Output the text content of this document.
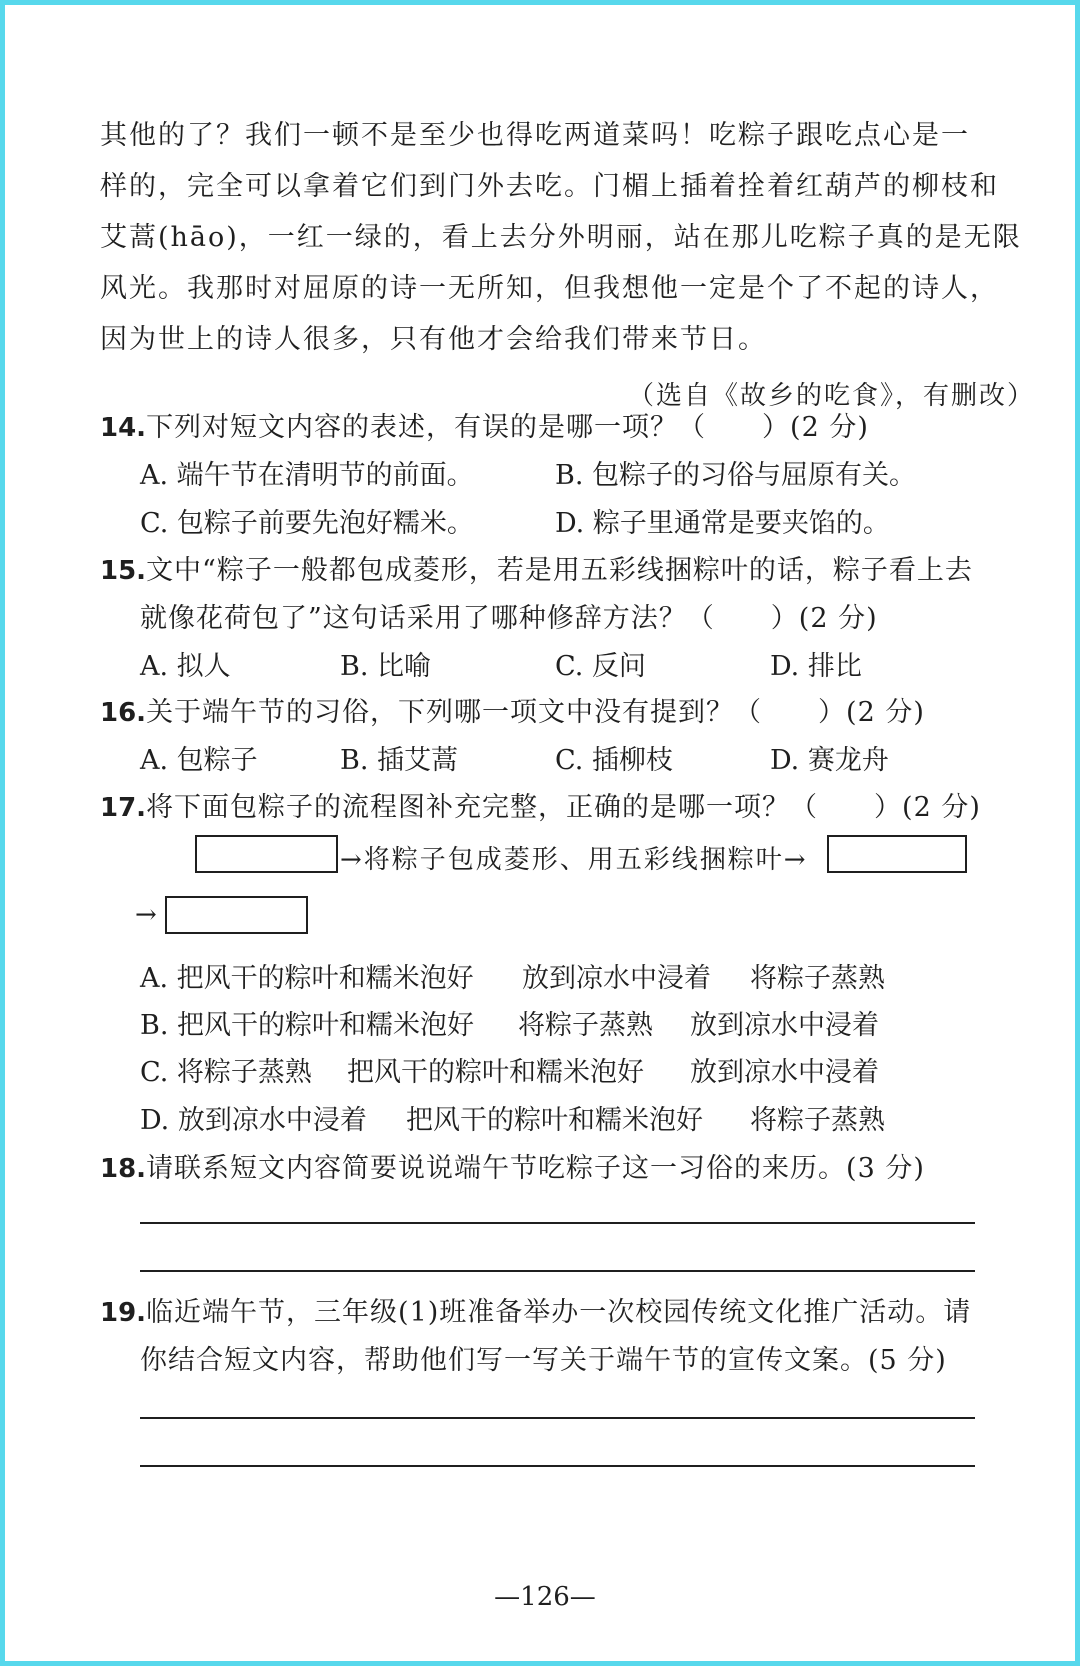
其他的了？我们一顿不是至少也得吃两道菜吗！吃粽子跟吃点心是一

样的，完全可以拿着它们到门外去吃。门楣上插着拴着红葫芦的柳枝和

艾蒿(hāo)，一红一绿的，看上去分外明丽，站在那儿吃粽子真的是无限

风光。我那时对屈原的诗一无所知，但我想他一定是个了不起的诗人，

因为世上的诗人很多，只有他才会给我们带来节日。

（选自《故乡的吃食》，有删改）

14.下列对短文内容的表述，有误的是哪一项？（　　）(2 分)

A. 端午节在清明节的前面。	B. 包粽子的习俗与屈原有关。
C. 包粽子前要先泡好糯米。	D. 粽子里通常是要夹馅的。

15.文中“粽子一般都包成菱形，若是用五彩线捆粽叶的话，粽子看上去

就像花荷包了”这句话采用了哪种修辞方法？（　　）(2 分)

A. 拟人	B. 比喻	C. 反问	D. 排比

16.关于端午节的习俗，下列哪一项文中没有提到？（　　）(2 分)

A. 包粽子	B. 插艾蒿	C. 插柳枝	D. 赛龙舟

17.将下面包粽子的流程图补充完整，正确的是哪一项？（　　）(2 分)

→将粽子包成菱形、用五彩线捆粽叶→
→
A. 把风干的粽叶和糯米泡好 放到凉水中浸着 将粽子蒸熟
B. 把风干的粽叶和糯米泡好 将粽子蒸熟 放到凉水中浸着
C. 将粽子蒸熟 把风干的粽叶和糯米泡好 放到凉水中浸着
D. 放到凉水中浸着 把风干的粽叶和糯米泡好 将粽子蒸熟

18.请联系短文内容简要说说端午节吃粽子这一习俗的来历。(3 分)

19.临近端午节，三年级(1)班准备举办一次校园传统文化推广活动。请

你结合短文内容，帮助他们写一写关于端午节的宣传文案。(5 分)

—126—
